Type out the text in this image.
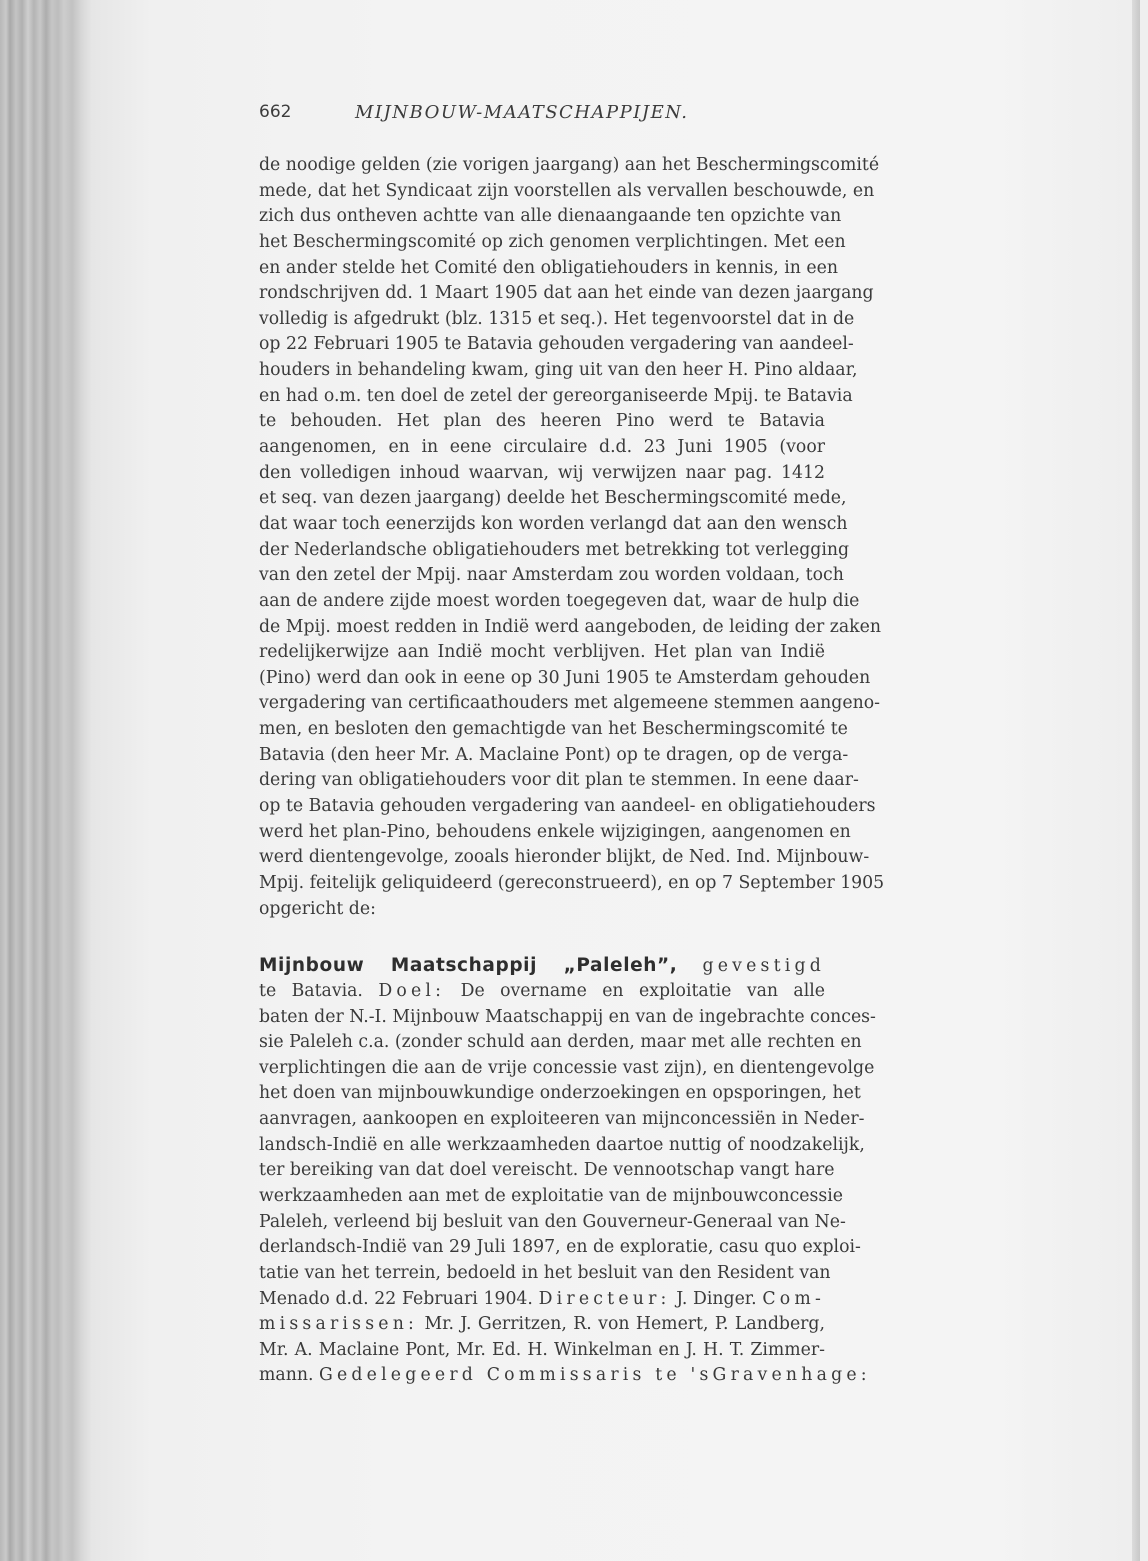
662	MIJNBOUW-MAATSCHAPPIJEN.
de noodige gelden (zie vorigen jaargang) aan het Beschermingscomité
mede, dat het Syndicaat zijn voorstellen als vervallen beschouwde, en
zich dus ontheven achtte van alle dienaangaande ten opzichte van
het Beschermingscomité op zich genomen verplichtingen. Met een
en ander stelde het Comité den obligatiehouders in kennis, in een
rondschrijven dd. 1 Maart 1905 dat aan het einde van dezen jaargang
volledig is afgedrukt (blz. 1315 et seq.). Het tegenvoorstel dat in de
op 22 Februari 1905 te Batavia gehouden vergadering van aandeel-
houders in behandeling kwam, ging uit van den heer H. Pino aldaar,
en had o.m. ten doel de zetel der gereorganiseerde Mpij. te Batavia
te behouden. Het plan des heeren Pino werd te Batavia
aangenomen, en in eene circulaire d.d. 23 Juni 1905 (voor
den volledigen inhoud waarvan, wij verwijzen naar pag. 1412
et seq. van dezen jaargang) deelde het Beschermingscomité mede,
dat waar toch eenerzijds kon worden verlangd dat aan den wensch
der Nederlandsche obligatiehouders met betrekking tot verlegging
van den zetel der Mpij. naar Amsterdam zou worden voldaan, toch
aan de andere zijde moest worden toegegeven dat, waar de hulp die
de Mpij. moest redden in Indië werd aangeboden, de leiding der zaken
redelijkerwijze aan Indië mocht verblijven. Het plan van Indië
(Pino) werd dan ook in eene op 30 Juni 1905 te Amsterdam gehouden
vergadering van certificaathouders met algemeene stemmen aangeno-
men, en besloten den gemachtigde van het Beschermingscomité te
Batavia (den heer Mr. A. Maclaine Pont) op te dragen, op de verga-
dering van obligatiehouders voor dit plan te stemmen. In eene daar-
op te Batavia gehouden vergadering van aandeel- en obligatiehouders
werd het plan-Pino, behoudens enkele wijzigingen, aangenomen en
werd dientengevolge, zooals hieronder blijkt, de Ned. Ind. Mijnbouw-
Mpij. feitelijk geliquideerd (gereconstrueerd), en op 7 September 1905
opgericht de:
Mijnbouw Maatschappij „Paleleh”, gevestigd
te Batavia. Doel: De overname en exploitatie van alle
baten der N.-I. Mijnbouw Maatschappij en van de ingebrachte conces-
sie Paleleh c.a. (zonder schuld aan derden, maar met alle rechten en
verplichtingen die aan de vrije concessie vast zijn), en dientengevolge
het doen van mijnbouwkundige onderzoekingen en opsporingen, het
aanvragen, aankoopen en exploiteeren van mijnconcessiën in Neder-
landsch-Indië en alle werkzaamheden daartoe nuttig of noodzakelijk,
ter bereiking van dat doel vereischt. De vennootschap vangt hare
werkzaamheden aan met de exploitatie van de mijnbouwconcessie
Paleleh, verleend bij besluit van den Gouverneur-Generaal van Ne-
derlandsch-Indië van 29 Juli 1897, en de exploratie, casu quo exploi-
tatie van het terrein, bedoeld in het besluit van den Resident van
Menado d.d. 22 Februari 1904. Directeur: J. Dinger. Com-
missarissen: Mr. J. Gerritzen, R. von Hemert, P. Landberg,
Mr. A. Maclaine Pont, Mr. Ed. H. Winkelman en J. H. T. Zimmer-
mann. Gedelegeerd Commissaris te 'sGravenhage:
